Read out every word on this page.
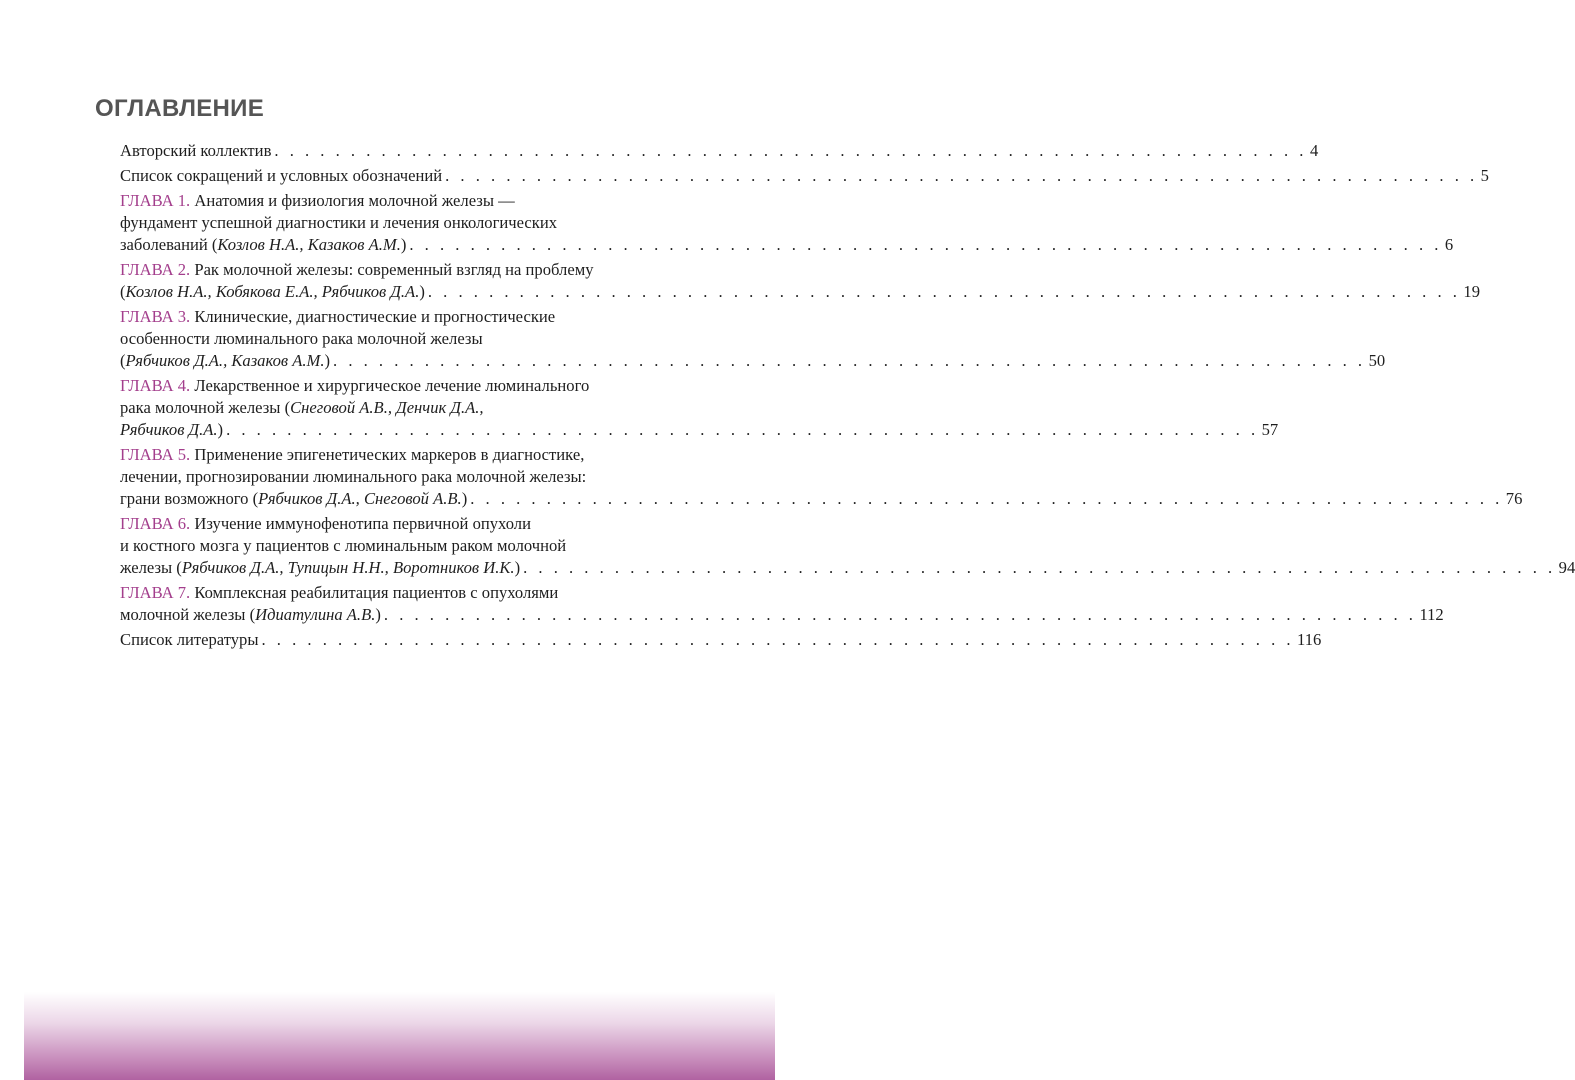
ОГЛАВЛЕНИЕ
Авторский коллектив . . . . . . . . . . . . . . . . . . . . . . . . . . . . . . . . . . . . . . . . . . . . . . . . . . . . . . . . . . . . . . . . . . . . 4
Список сокращений и условных обозначений . . . . . . . . . . . . . . . . . . . . . . . . . . . . . . . . . . . . . . . . . . . . . . . . . . . . . . . . . . . . . . . . . . . . 5
ГЛАВА 1. Анатомия и физиология молочной железы —
фундамент успешной диагностики и лечения онкологических
заболеваний (Козлов Н.А., Казаков А.М.) . . . . . . . . . . . . . . . . . . . . . . . . . . . . . . . . . . . . . . . . . . . . . . . . . . . . . . . . . . . . . . . . . . . . 6
ГЛАВА 2. Рак молочной железы: современный взгляд на проблему
(Козлов Н.А., Кобякова Е.А., Рябчиков Д.А.) . . . . . . . . . . . . . . . . . . . . . . . . . . . . . . . . . . . . . . . . . . . . . . . . . . . . . . . . . . . . . . . . . . . . 19
ГЛАВА 3. Клинические, диагностические и прогностические
особенности люминального рака молочной железы
(Рябчиков Д.А., Казаков А.М.) . . . . . . . . . . . . . . . . . . . . . . . . . . . . . . . . . . . . . . . . . . . . . . . . . . . . . . . . . . . . . . . . . . . . 50
ГЛАВА 4. Лекарственное и хирургическое лечение люминального
рака молочной железы (Снеговой А.В., Денчик Д.А.,
Рябчиков Д.А.) . . . . . . . . . . . . . . . . . . . . . . . . . . . . . . . . . . . . . . . . . . . . . . . . . . . . . . . . . . . . . . . . . . . . 57
ГЛАВА 5. Применение эпигенетических маркеров в диагностике,
лечении, прогнозировании люминального рака молочной железы:
грани возможного (Рябчиков Д.А., Снеговой А.В.) . . . . . . . . . . . . . . . . . . . . . . . . . . . . . . . . . . . . . . . . . . . . . . . . . . . . . . . . . . . . . . . . . . . . 76
ГЛАВА 6. Изучение иммунофенотипа первичной опухоли
и костного мозга у пациентов с люминальным раком молочной
железы (Рябчиков Д.А., Тупицын Н.Н., Воротников И.К.) . . . . . . . . . . . . . . . . . . . . . . . . . . . . . . . . . . . . . . . . . . . . . . . . . . . . . . . . . . . . . . . . . . . . 94
ГЛАВА 7. Комплексная реабилитация пациентов с опухолями
молочной железы (Идиатулина А.В.) . . . . . . . . . . . . . . . . . . . . . . . . . . . . . . . . . . . . . . . . . . . . . . . . . . . . . . . . . . . . . . . . . . . . 112
Список литературы . . . . . . . . . . . . . . . . . . . . . . . . . . . . . . . . . . . . . . . . . . . . . . . . . . . . . . . . . . . . . . . . . . . . 116
